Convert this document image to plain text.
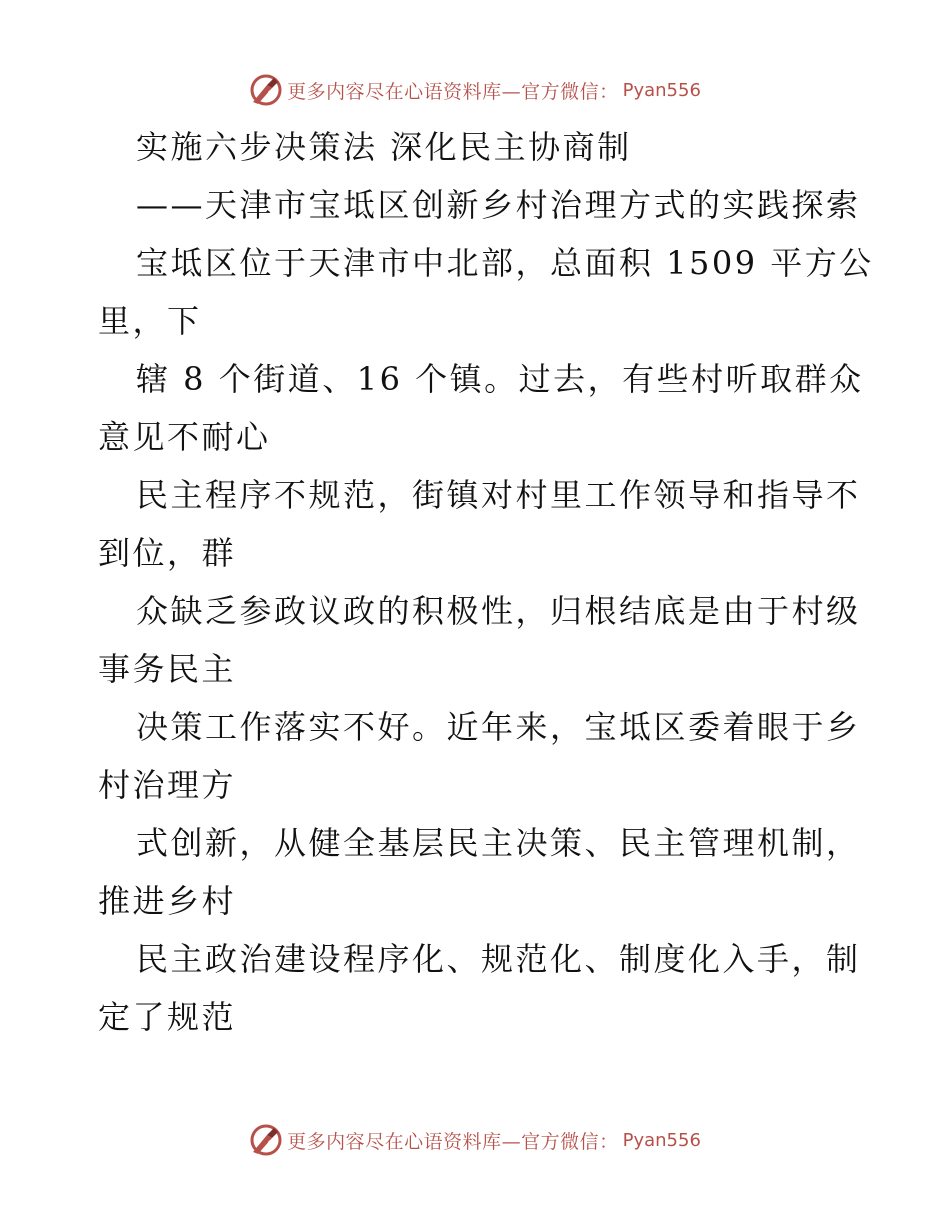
更多内容尽在心语资料库—官方微信： Pyan556
实施六步决策法 深化民主协商制
——天津市宝坻区创新乡村治理方式的实践探索
宝坻区位于天津市中北部，总面积 1509 平方公
里，下
辖 8 个街道、16 个镇。过去，有些村听取群众
意见不耐心
民主程序不规范，街镇对村里工作领导和指导不
到位，群
众缺乏参政议政的积极性，归根结底是由于村级
事务民主
决策工作落实不好。近年来，宝坻区委着眼于乡
村治理方
式创新，从健全基层民主决策、民主管理机制，
推进乡村
民主政治建设程序化、规范化、制度化入手，制
定了规范
更多内容尽在心语资料库—官方微信： Pyan556
